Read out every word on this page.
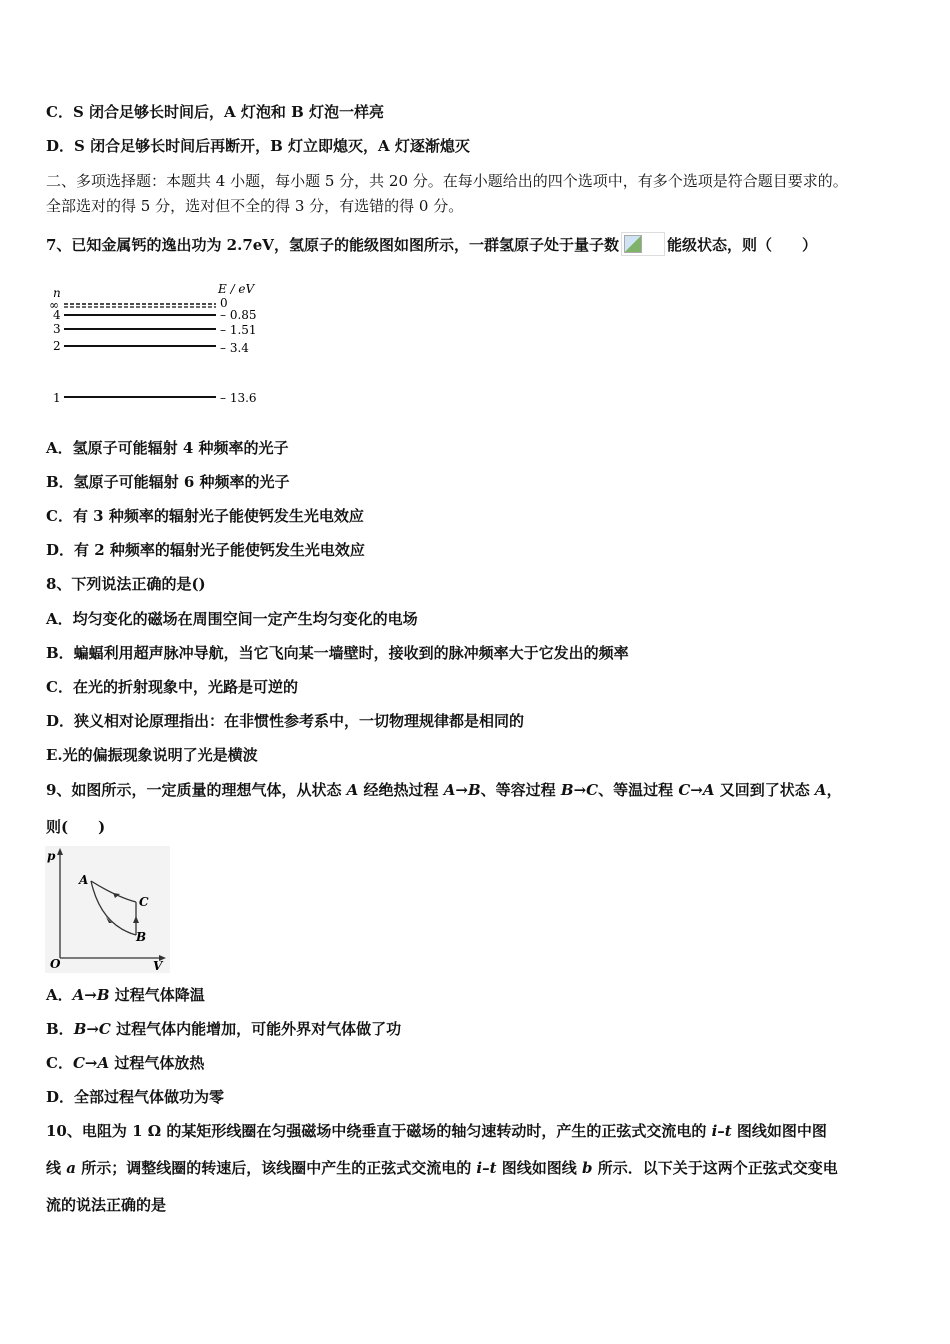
C．S 闭合足够长时间后，A 灯泡和 B 灯泡一样亮
D．S 闭合足够长时间后再断开，B 灯立即熄灭，A 灯逐渐熄灭
二、多项选择题：本题共 4 小题，每小题 5 分，共 20 分。在每小题给出的四个选项中，有多个选项是符合题目要求的。
全部选对的得 5 分，选对但不全的得 3 分，有选错的得 0 分。
7、已知金属钙的逸出功为 2.7eV，氢原子的能级图如图所示，一群氢原子处于量子数	能级状态，则（　　）
n	E / eV
∞	0
4	– 0.85
3	– 1.51
2	– 3.4
1	– 13.6
A．氢原子可能辐射 4 种频率的光子
B．氢原子可能辐射 6 种频率的光子
C．有 3 种频率的辐射光子能使钙发生光电效应
D．有 2 种频率的辐射光子能使钙发生光电效应
8、下列说法正确的是()
A．均匀变化的磁场在周围空间一定产生均匀变化的电场
B．蝙蝠利用超声脉冲导航，当它飞向某一墙壁时，接收到的脉冲频率大于它发出的频率
C．在光的折射现象中，光路是可逆的
D．狭义相对论原理指出：在非惯性参考系中，一切物理规律都是相同的
E.光的偏振现象说明了光是横波
9、如图所示，一定质量的理想气体，从状态 A 经绝热过程 A→B、等容过程 B→C、等温过程 C→A 又回到了状态 A，
则(　　)
p
V
O
A
B
C
A．A→B 过程气体降温
B．B→C 过程气体内能增加，可能外界对气体做了功
C．C→A 过程气体放热
D．全部过程气体做功为零
10、电阻为 1 Ω 的某矩形线圈在匀强磁场中绕垂直于磁场的轴匀速转动时，产生的正弦式交流电的 i–t 图线如图中图
线 a 所示；调整线圈的转速后，该线圈中产生的正弦式交流电的 i–t 图线如图线 b 所示．以下关于这两个正弦式交变电
流的说法正确的是
